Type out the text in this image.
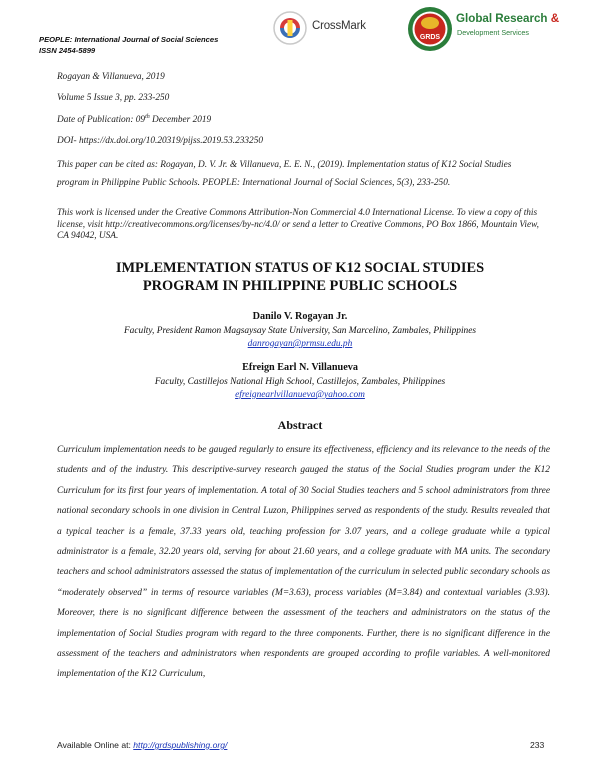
PEOPLE: International Journal of Social Sciences
ISSN 2454-5899
CrossMark
GRDS
Global Research &
Development Services
Rogayan & Villanueva, 2019
Volume 5 Issue 3, pp. 233-250
Date of Publication: 09th December 2019
DOI- https://dx.doi.org/10.20319/pijss.2019.53.233250
This paper can be cited as: Rogayan, D. V. Jr. & Villanueva, E. E. N., (2019). Implementation status of K12 Social Studies program in Philippine Public Schools. PEOPLE: International Journal of Social Sciences, 5(3), 233-250.
This work is licensed under the Creative Commons Attribution-Non Commercial 4.0 International License. To view a copy of this license, visit http://creativecommons.org/licenses/by-nc/4.0/ or send a letter to Creative Commons, PO Box 1866, Mountain View, CA 94042, USA.
IMPLEMENTATION STATUS OF K12 SOCIAL STUDIES
PROGRAM IN PHILIPPINE PUBLIC SCHOOLS
Danilo V. Rogayan Jr.
Faculty, President Ramon Magsaysay State University, San Marcelino, Zambales, Philippines
danrogayan@prmsu.edu.ph
Efreign Earl N. Villanueva
Faculty, Castillejos National High School, Castillejos, Zambales, Philippines
efreignearlvillanueva@yahoo.com
Abstract
Curriculum implementation needs to be gauged regularly to ensure its effectiveness, efficiency and its relevance to the needs of the students and of the industry. This descriptive-survey research gauged the status of the Social Studies program under the K12 Curriculum for its first four years of implementation. A total of 30 Social Studies teachers and 5 school administrators from three national secondary schools in one division in Central Luzon, Philippines served as respondents of the study. Results revealed that a typical teacher is a female, 37.33 years old, teaching profession for 3.07 years, and a college graduate while a typical administrator is a female, 32.20 years old, serving for about 21.60 years, and a college graduate with MA units. The secondary teachers and school administrators assessed the status of implementation of the curriculum in selected public secondary schools as “moderately observed” in terms of resource variables (M=3.63), process variables (M=3.84) and contextual variables (3.93). Moreover, there is no significant difference between the assessment of the teachers and administrators on the status of the implementation of Social Studies program with regard to the three components. Further, there is no significant difference in the assessment of the teachers and administrators when respondents are grouped according to profile variables. A well-monitored implementation of the K12 Curriculum,
Available Online at: http://grdspublishing.org/	233
